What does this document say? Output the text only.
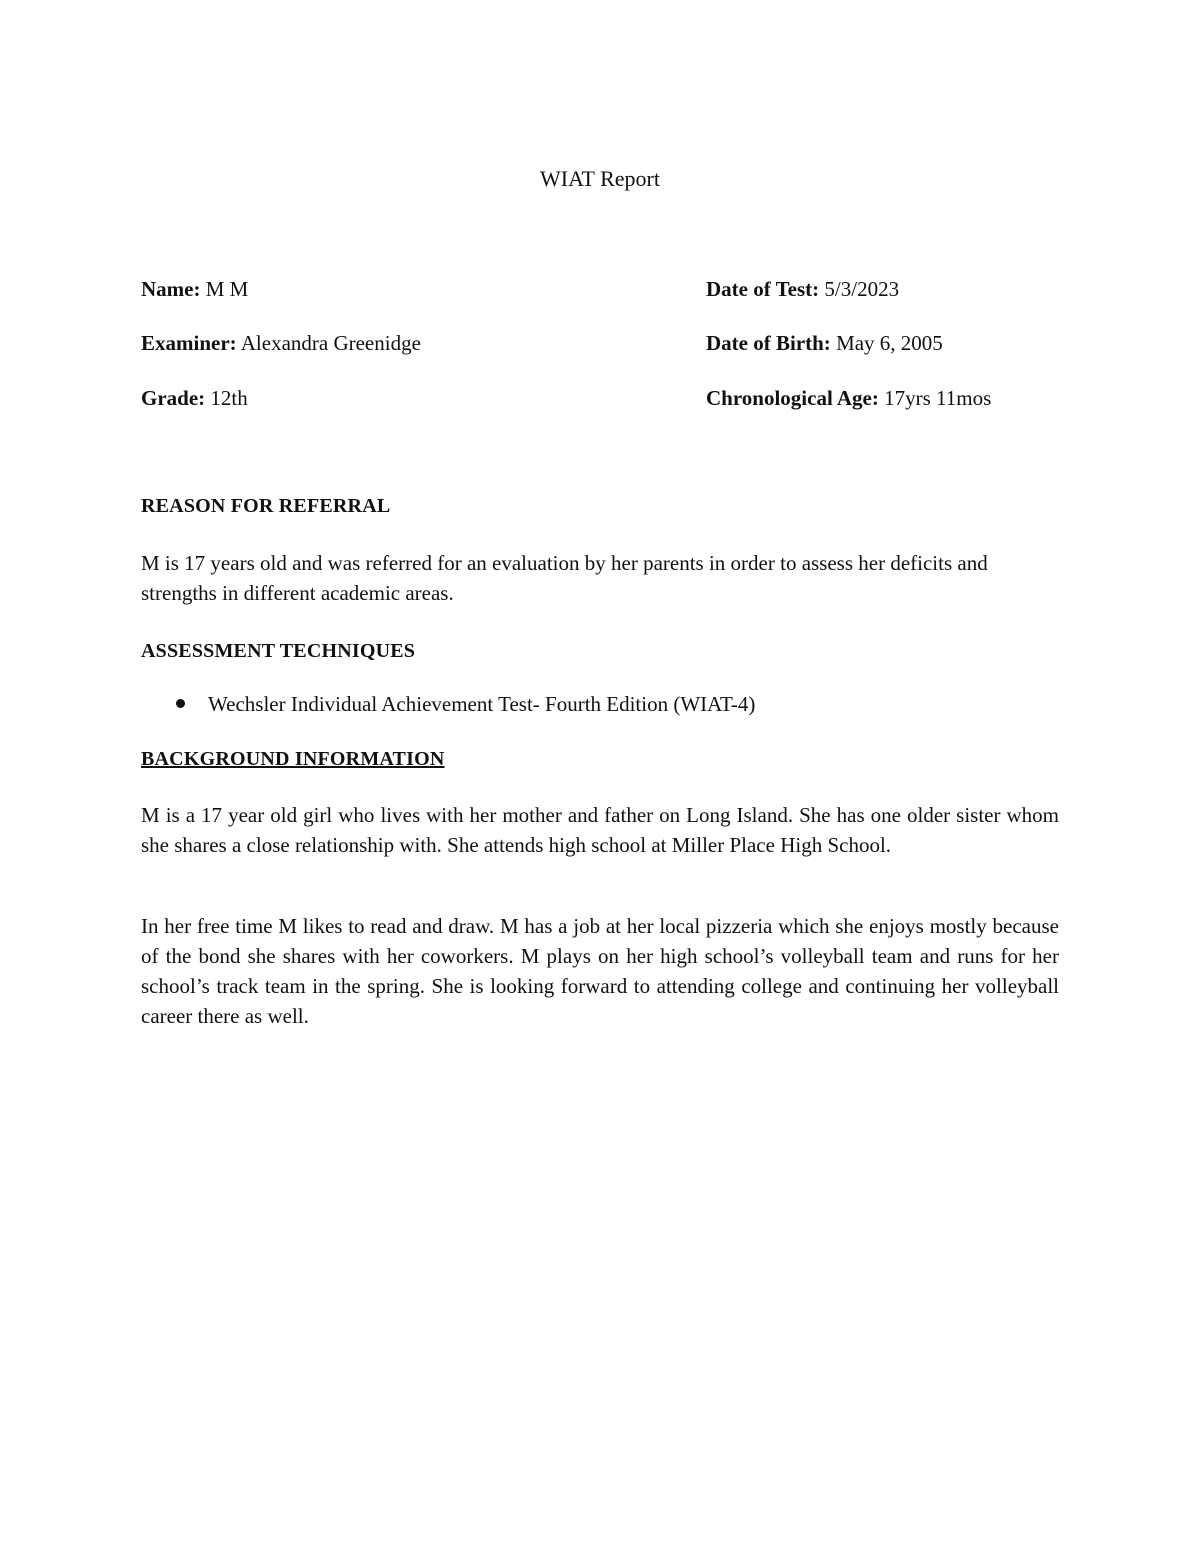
WIAT Report
Name: M M
Examiner: Alexandra Greenidge
Grade: 12th
Date of Test: 5/3/2023
Date of Birth: May 6, 2005
Chronological Age: 17yrs 11mos
REASON FOR REFERRAL
M is 17 years old and was referred for an evaluation by her parents in order to assess her deficits and strengths in different academic areas.
ASSESSMENT TECHNIQUES
Wechsler Individual Achievement Test- Fourth Edition (WIAT-4)
BACKGROUND INFORMATION
M is a 17 year old girl who lives with her mother and father on Long Island. She has one older sister whom she shares a close relationship with. She attends high school at Miller Place High School.
In her free time M likes to read and draw. M has a job at her local pizzeria which she enjoys mostly because of the bond she shares with her coworkers. M plays on her high school’s volleyball team and runs for her school’s track team in the spring. She is looking forward to attending college and continuing her volleyball career there as well.
